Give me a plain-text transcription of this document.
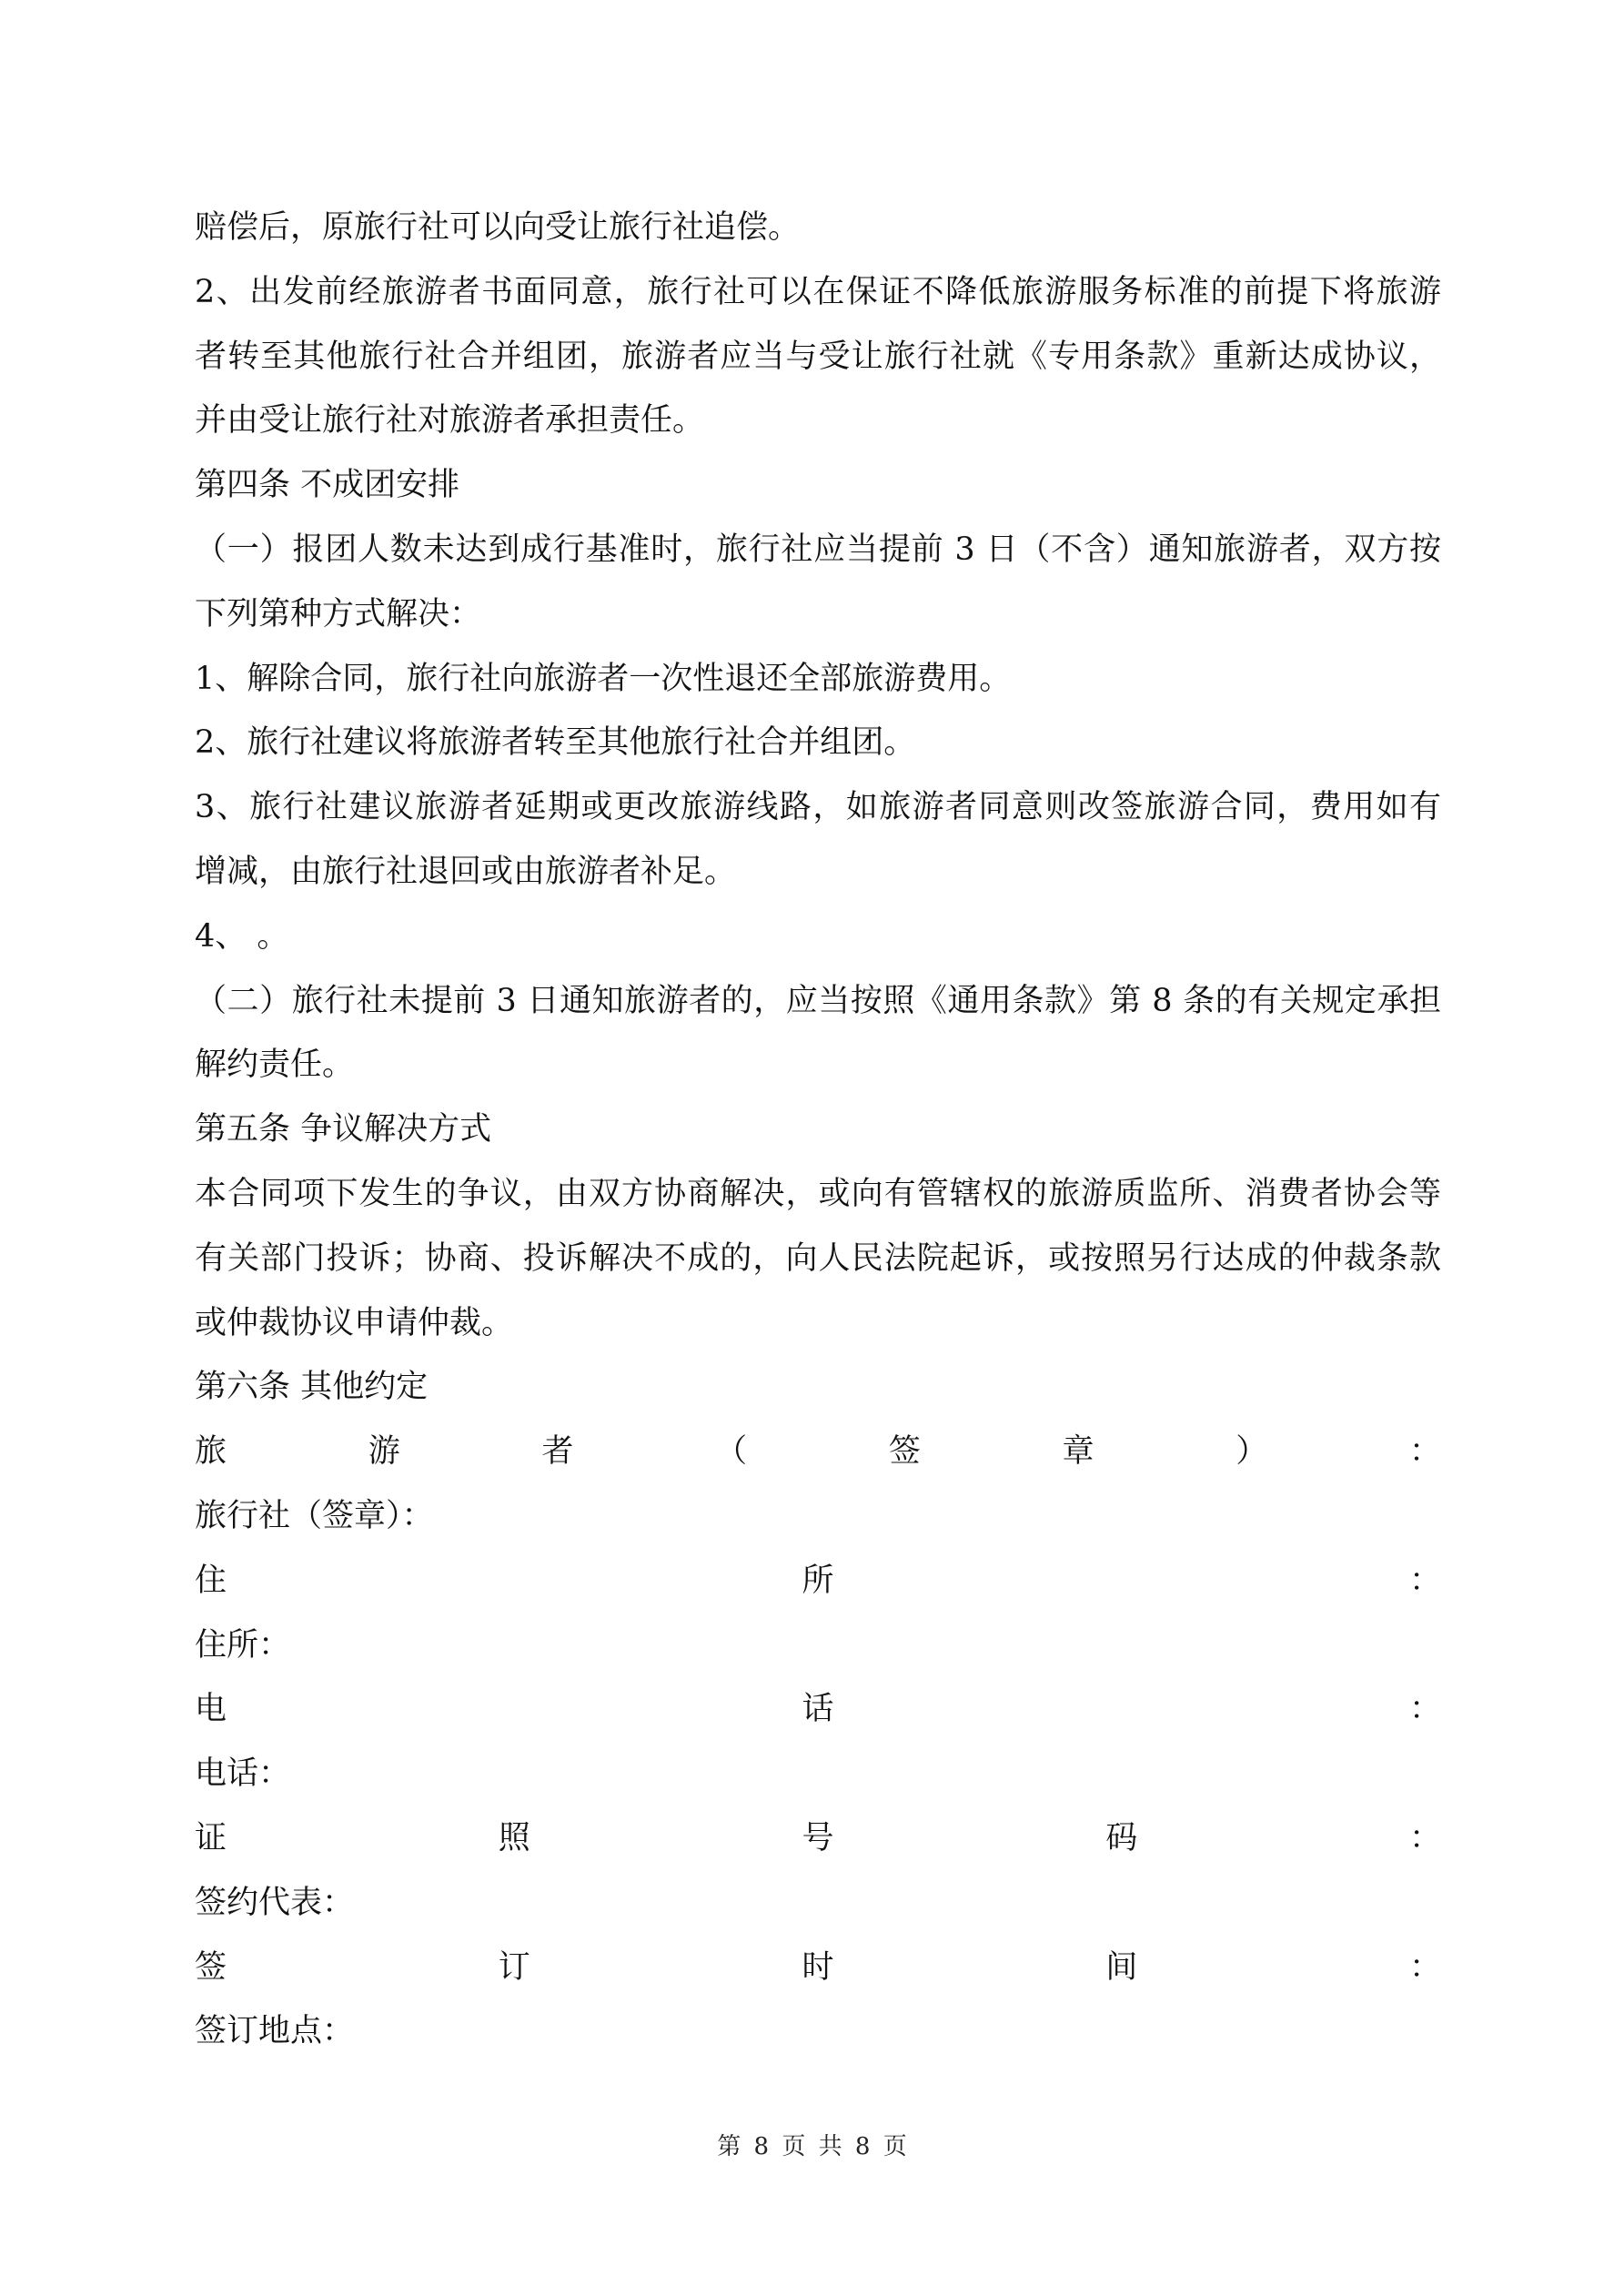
赔偿后，原旅行社可以向受让旅行社追偿。
2、出发前经旅游者书面同意，旅行社可以在保证不降低旅游服务标准的前提下将旅游
者转至其他旅行社合并组团，旅游者应当与受让旅行社就《专用条款》重新达成协议，
并由受让旅行社对旅游者承担责任。
第四条 不成团安排
（一）报团人数未达到成行基准时，旅行社应当提前 3 日（不含）通知旅游者，双方按
下列第种方式解决：
1、解除合同，旅行社向旅游者一次性退还全部旅游费用。
2、旅行社建议将旅游者转至其他旅行社合并组团。
3、旅行社建议旅游者延期或更改旅游线路，如旅游者同意则改签旅游合同，费用如有
增减，由旅行社退回或由旅游者补足。
4、 。
（二）旅行社未提前 3 日通知旅游者的，应当按照《通用条款》第 8 条的有关规定承担
解约责任。
第五条 争议解决方式
本合同项下发生的争议，由双方协商解决，或向有管辖权的旅游质监所、消费者协会等
有关部门投诉；协商、投诉解决不成的，向人民法院起诉，或按照另行达成的仲裁条款
或仲裁协议申请仲裁。
第六条 其他约定
旅	游	者	（	签	章	）	：
旅行社（签章）：
住	所	：
住所：
电	话	：
电话：
证	照	号	码	：
签约代表：
签	订	时	间	：
签订地点：
第 8 页 共 8 页
